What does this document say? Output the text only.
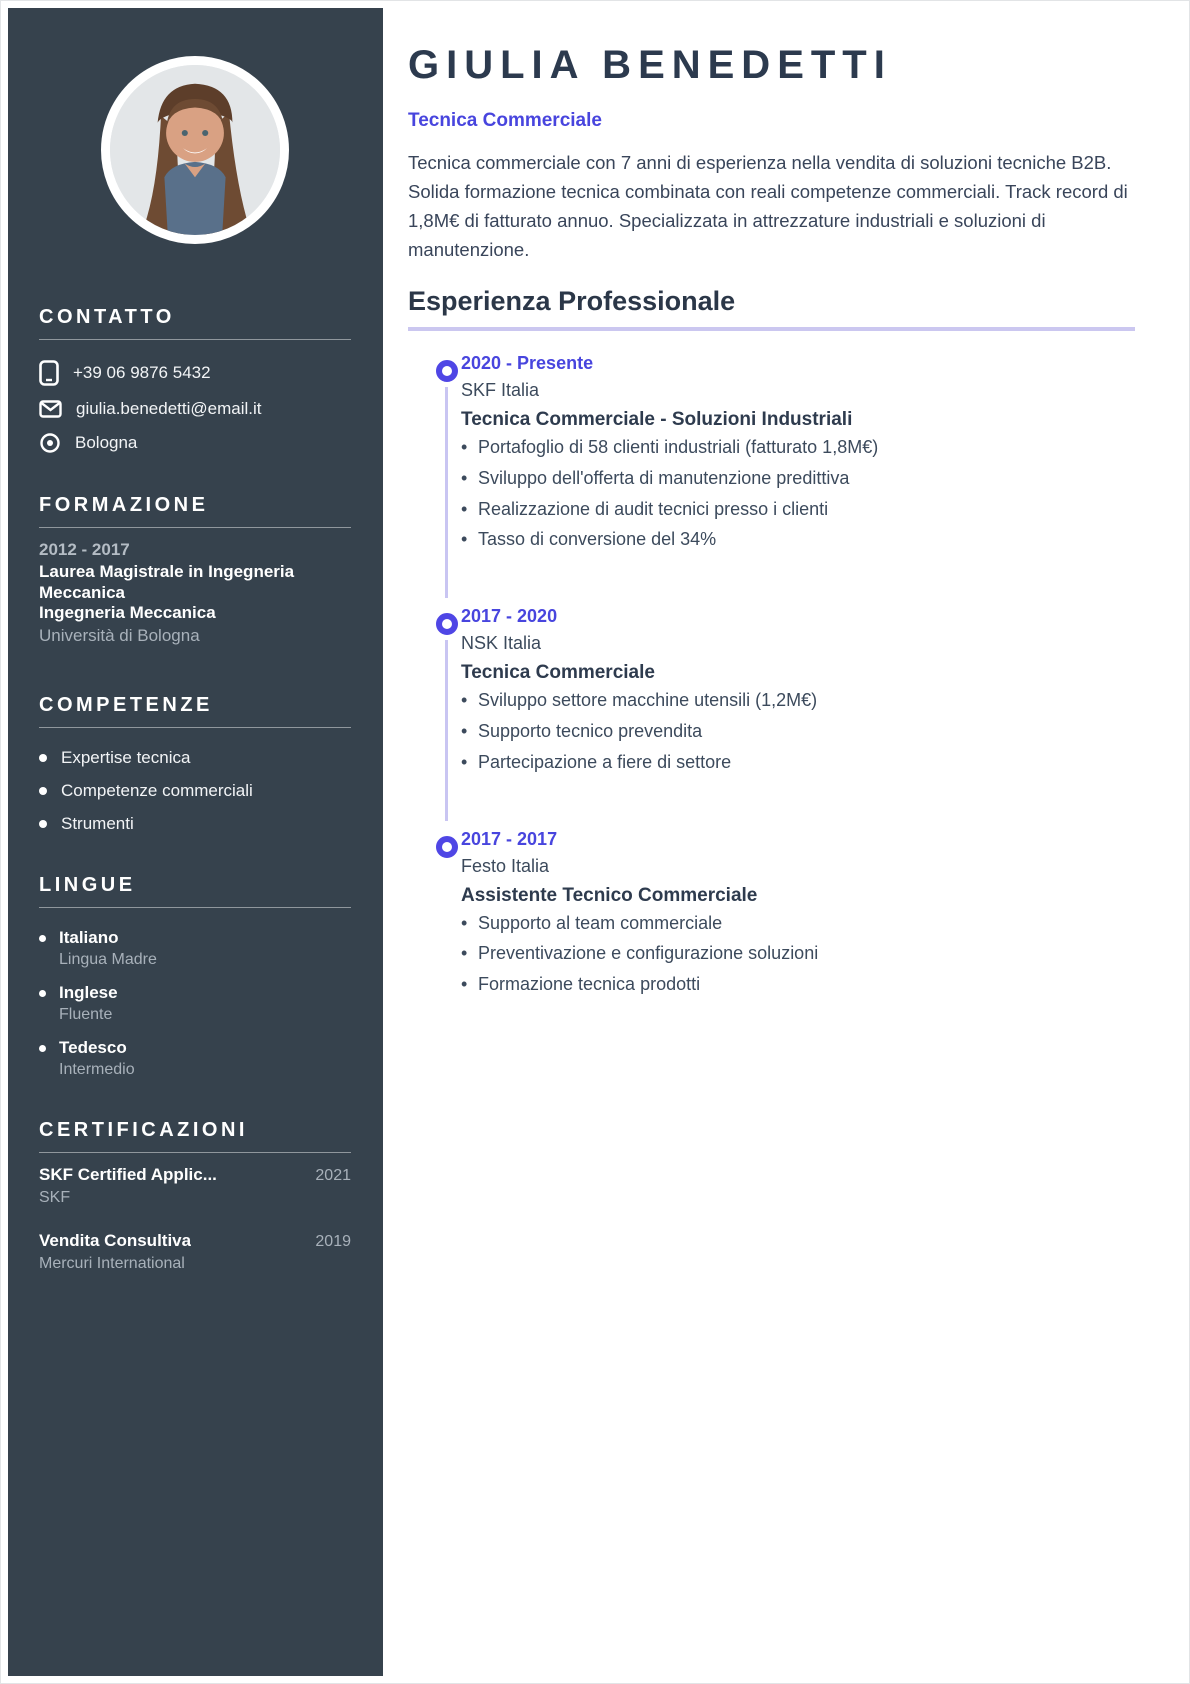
CONTATTO
+39 06 9876 5432
giulia.benedetti@email.it
Bologna
FORMAZIONE
2012 - 2017
Laurea Magistrale in Ingegneria Meccanica
Ingegneria Meccanica
Università di Bologna
COMPETENZE
Expertise tecnica
Competenze commerciali
Strumenti
LINGUE
Italiano
Lingua Madre
Inglese
Fluente
Tedesco
Intermedio
CERTIFICAZIONI
SKF Certified Applic...	2021
SKF
Vendita Consultiva	2019
Mercuri International
GIULIA BENEDETTI
Tecnica Commerciale

Tecnica commerciale con 7 anni di esperienza nella vendita di soluzioni tecniche B2B. Solida formazione tecnica combinata con reali competenze commerciali. Track record di 1,8M€ di fatturato annuo. Specializzata in attrezzature industriali e soluzioni di manutenzione.

Esperienza Professionale
2020 - Presente
SKF Italia
Tecnica Commerciale - Soluzioni Industriali
• Portafoglio di 58 clienti industriali (fatturato 1,8M€)
• Sviluppo dell'offerta di manutenzione predittiva
• Realizzazione di audit tecnici presso i clienti
• Tasso di conversione del 34%
2017 - 2020
NSK Italia
Tecnica Commerciale
• Sviluppo settore macchine utensili (1,2M€)
• Supporto tecnico prevendita
• Partecipazione a fiere di settore
2017 - 2017
Festo Italia
Assistente Tecnico Commerciale
• Supporto al team commerciale
• Preventivazione e configurazione soluzioni
• Formazione tecnica prodotti
